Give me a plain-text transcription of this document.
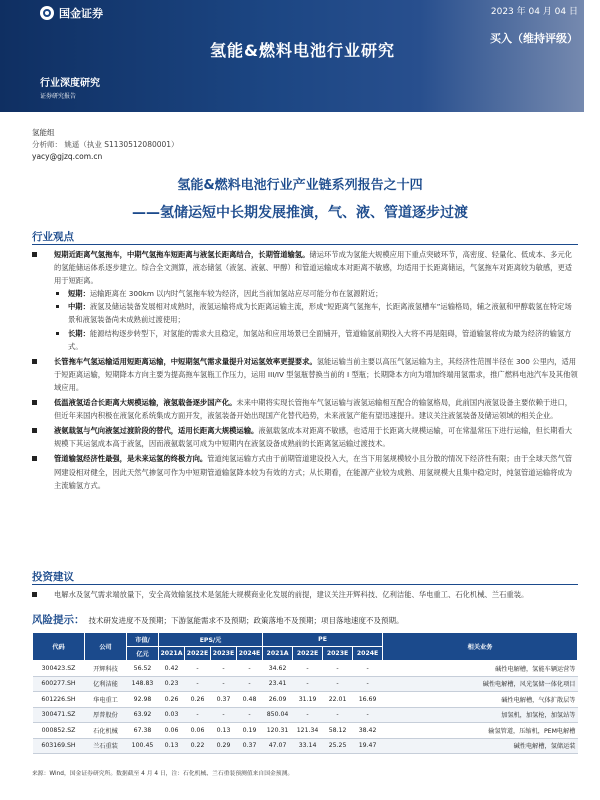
国金证券	2023 年 04 月 04 日
氢能&燃料电池行业研究
买入（维持评级）
行业深度研究
证券研究报告
氢能组
分析师： 姚遥（执业 S1130512080001）
yacy@gjzq.com.cn
氢能&燃料电池行业产业链系列报告之十四
——氢储运短中长期发展推演，气、液、管道逐步过渡
行业观点

短期近距离气氢拖车，中期气氢拖车短距离与液氢长距离结合，长期管道输氢。储运环节成为氢能大规模应用下重点突破环节，高密度、轻量化、低成本、多元化的氢能储运体系逐步建立。综合全文测算，液态储氢（液氢、液氨、甲醇）和管道运输成本对距离不敏感，均适用于长距离储运，气氢拖车对距离较为敏感，更适用于短距离。

短期：运输距离在 300km 以内时气氢拖车较为经济，因此当前加氢站应尽可能分布在氢源附近；

中期：液氢及储运装备发展相对成熟时，液氢运输将成为长距离运输主流，形成“短距离气氢拖车，长距离液氢槽车”运输格局，辅之液氨和甲醇载氢在特定场景和液氢装备尚未成熟前过渡使用；

长期：能源结构逐步转型下，对氢能的需求大且稳定，加氢站和应用场景已全面铺开，管道输氢前期投入大将不再是阻碍，管道输氢将成为最为经济的输氢方式。

长管拖车气氢运输适用短距离运输，中短期氢气需求量提升对运氢效率更提要求。氢能运输当前主要以高压气氢运输为主，其经济性范围半径在 300 公里内，适用于短距离运输，短期降本方向主要为提高拖车氢瓶工作压力，运用 III/IV 型氢瓶替换当前的 I 型瓶；长期降本方向为增加终端用氢需求，推广燃料电池汽车及其他领域应用。

低温液氢适合长距离大规模运输，液氢载备逐步国产化。未来中期将实现长管拖车气氢运输与液氢运输相互配合的输氢格局，此前国内液氢设备主要依赖于进口，但近年来国内积极在液氢化系统集成方面开发，液氢装备开始出现国产化替代趋势，未来液氢产能有望迅速提升。建议关注液氢装备及储运领域的相关企业。

液氨载氢与气向液氢过渡阶段的替代，适用长距离大规模运输。液氨载氢成本对距离不敏感，也适用于长距离大规模运输，可在常温常压下进行运输，但长期看大规模下其运氢成本高于液氢，因而液氨载氢可成为中短期内在液氢设备成熟前的长距离氢运输过渡技术。

管道输氢经济性最强，是未来运氢的终极方向。管道纯氢运输方式由于前期管道建设投入大，在当下用氢规模较小且分散的情况下经济性有限；由于全球天然气管网建设相对健全，因此天然气掺氢可作为中短期管道输氢降本较为有效的方式；从长期看，在能源产业较为成熟、用氢规模大且集中稳定时，纯氢管道运输将成为主流输氢方式。

投资建议

电解水及氢气需求端放量下，安全高效输氢技术是氢能大规模商业化发展的前提，建议关注开辉科技、亿利洁能、华电重工、石化机械、兰石重装。

风险提示： 技术研发进度不及预期；下游氢能需求不及预期；政策落地不及预期；项目落地速度不及预期。
代码	公司	市值/	EPS/元				PE				相关业务
		亿元	2021A	2022E	2023E	2024E	2021A	2022E	2023E	2024E	
300423.SZ	开辉科技	56.52	0.42	-	-	-	34.62	-	-	-	碱性电解槽，氢能车辆运营等
600277.SH	亿利洁能	148.83	0.23	-	-	-	23.41	-	-	-	碱性电解槽，风光氢储一体化项目
601226.SH	华电重工	92.98	0.26	0.26	0.37	0.48	26.09	31.19	22.01	16.69	碱性电解槽，气体扩散层等
300471.SZ	厚普股份	63.92	0.03	-	-	-	850.04	-	-	-	加氢机，加氢枪，加氢站等
000852.SZ	石化机械	67.38	0.06	0.06	0.13	0.19	120.31	121.34	58.12	38.42	输氢管道，压缩机，PEM电解槽
603169.SH	兰石重装	100.45	0.13	0.22	0.29	0.37	47.07	33.14	25.25	19.47	碱性电解槽，氢储运装
来源：Wind，国金证券研究所。数据截至 4 月 4 日，注：石化机械、兰石重装预测值来自国金预测。
